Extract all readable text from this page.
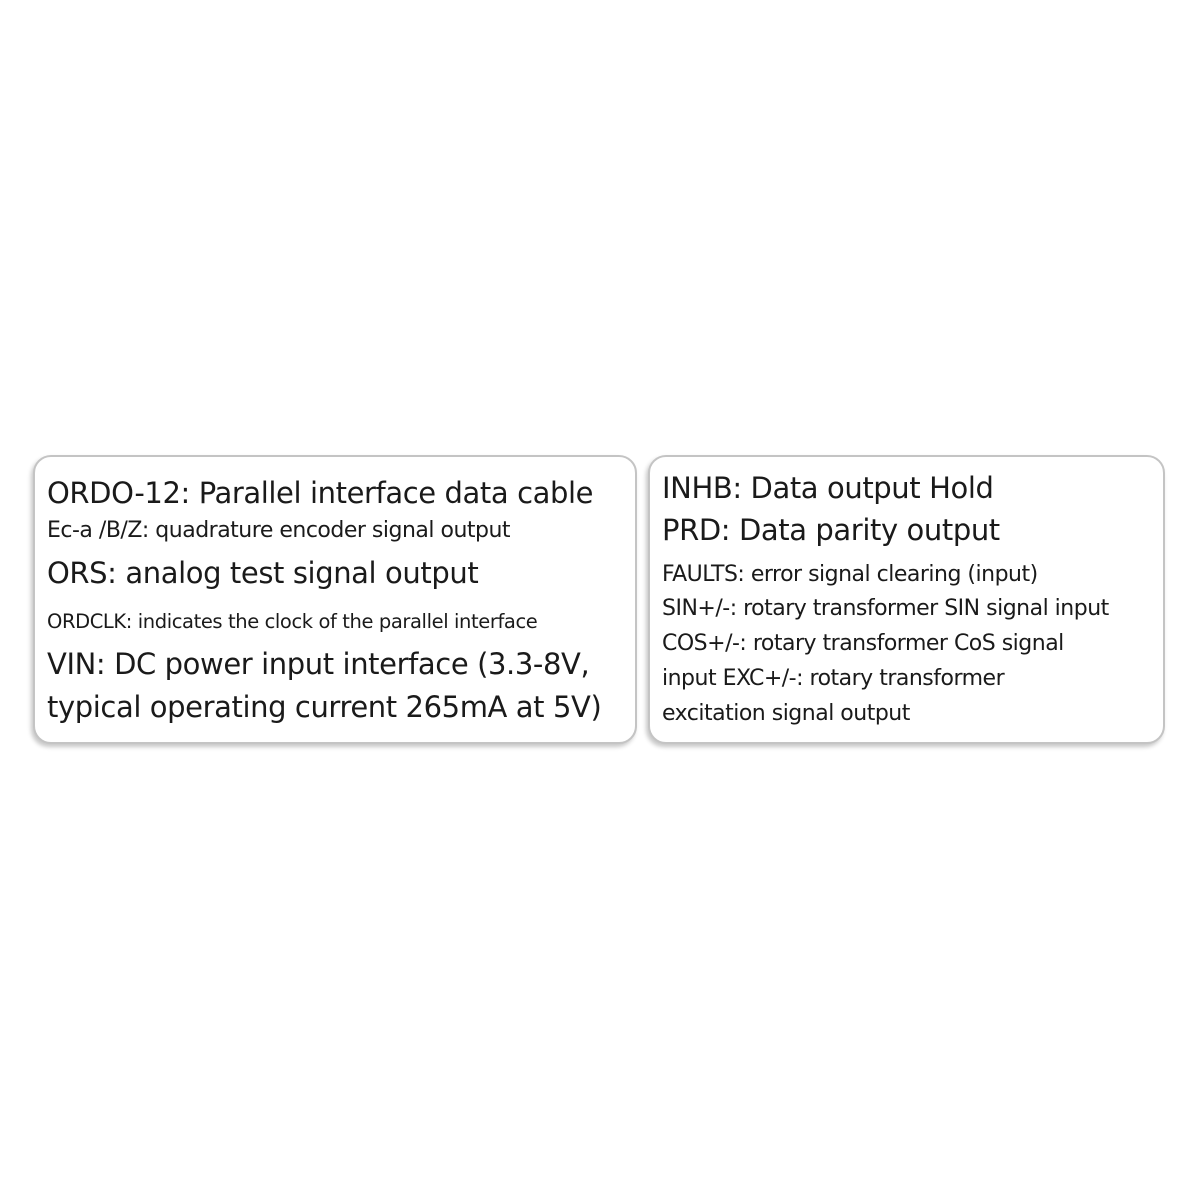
ORDO-12: Parallel interface data cable
Ec-a /B/Z: quadrature encoder signal output
ORS: analog test signal output
ORDCLK: indicates the clock of the parallel interface
VIN: DC power input interface (3.3-8V,
typical operating current 265mA at 5V)
INHB: Data output Hold
PRD: Data parity output
FAULTS: error signal clearing (input)
SIN+/-: rotary transformer SIN signal input
COS+/-: rotary transformer CoS signal
input EXC+/-: rotary transformer
excitation signal output
